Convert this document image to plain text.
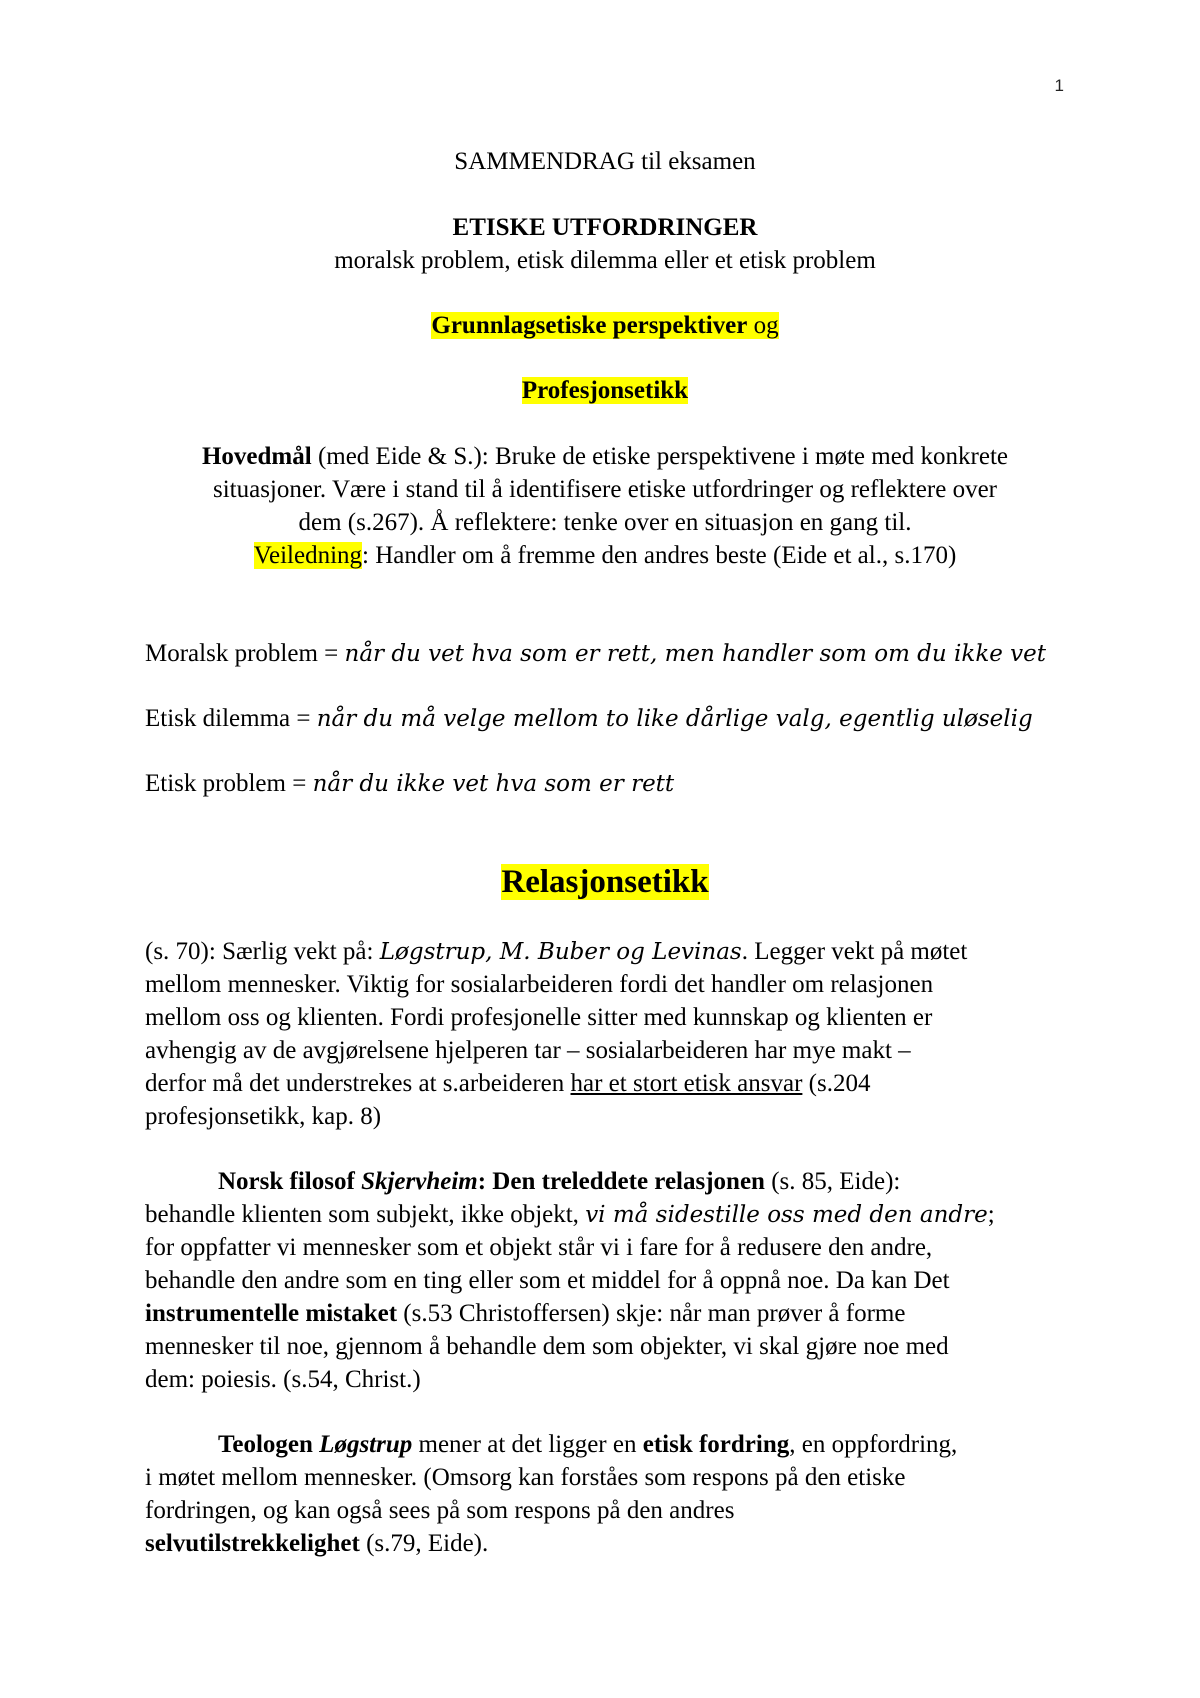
1

SAMMENDRAG til eksamen

ETISKE UTFORDRINGER

moralsk problem, etisk dilemma eller et etisk problem

Grunnlagsetiske perspektiver og

Profesjonsetikk

Hovedmål (med Eide & S.): Bruke de etiske perspektivene i møte med konkrete

situasjoner. Være i stand til å identifisere etiske utfordringer og reflektere over

dem (s.267). Å reflektere: tenke over en situasjon en gang til.

Veiledning: Handler om å fremme den andres beste (Eide et al., s.170)

Moralsk problem = når du vet hva som er rett, men handler som om du ikke vet

Etisk dilemma = når du må velge mellom to like dårlige valg, egentlig uløselig

Etisk problem = når du ikke vet hva som er rett

Relasjonsetikk

(s. 70): Særlig vekt på: Løgstrup, M. Buber og Levinas. Legger vekt på møtet

mellom mennesker. Viktig for sosialarbeideren fordi det handler om relasjonen

mellom oss og klienten. Fordi profesjonelle sitter med kunnskap og klienten er

avhengig av de avgjørelsene hjelperen tar – sosialarbeideren har mye makt –

derfor må det understrekes at s.arbeideren har et stort etisk ansvar (s.204

profesjonsetikk, kap. 8)

Norsk filosof Skjervheim: Den treleddete relasjonen (s. 85, Eide):

behandle klienten som subjekt, ikke objekt, vi må sidestille oss med den andre;

for oppfatter vi mennesker som et objekt står vi i fare for å redusere den andre,

behandle den andre som en ting eller som et middel for å oppnå noe. Da kan Det

instrumentelle mistaket (s.53 Christoffersen) skje: når man prøver å forme

mennesker til noe, gjennom å behandle dem som objekter, vi skal gjøre noe med

dem: poiesis. (s.54, Christ.)

Teologen Løgstrup mener at det ligger en etisk fordring, en oppfordring,

i møtet mellom mennesker. (Omsorg kan forståes som respons på den etiske

fordringen, og kan også sees på som respons på den andres

selvutilstrekkelighet (s.79, Eide).
